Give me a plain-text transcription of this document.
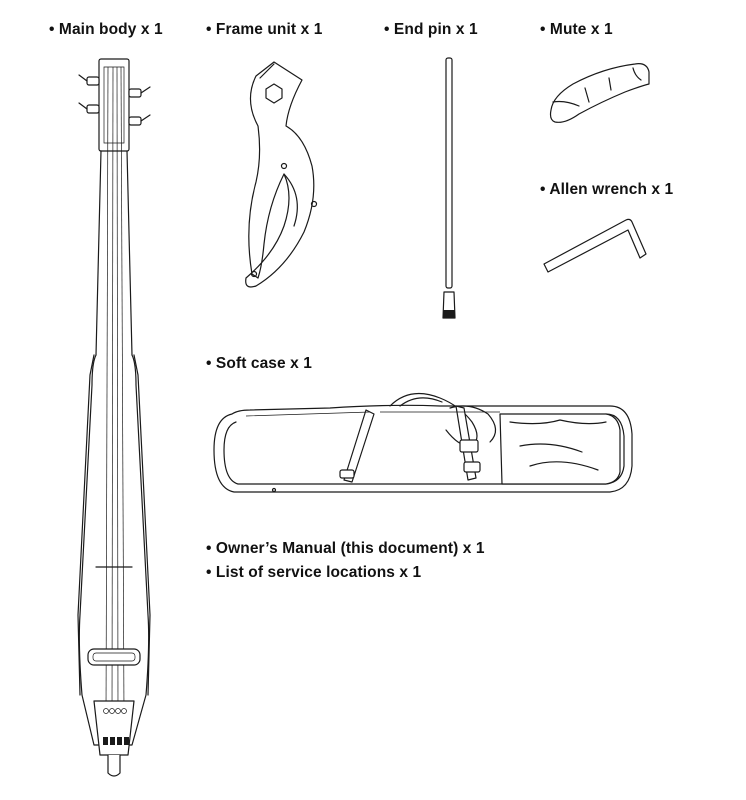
• Main body x 1	• Frame unit x 1	• End pin x 1	• Mute x 1
• Allen wrench x 1
• Soft case x 1
• Owner’s Manual (this document) x 1
• List of service locations x 1
